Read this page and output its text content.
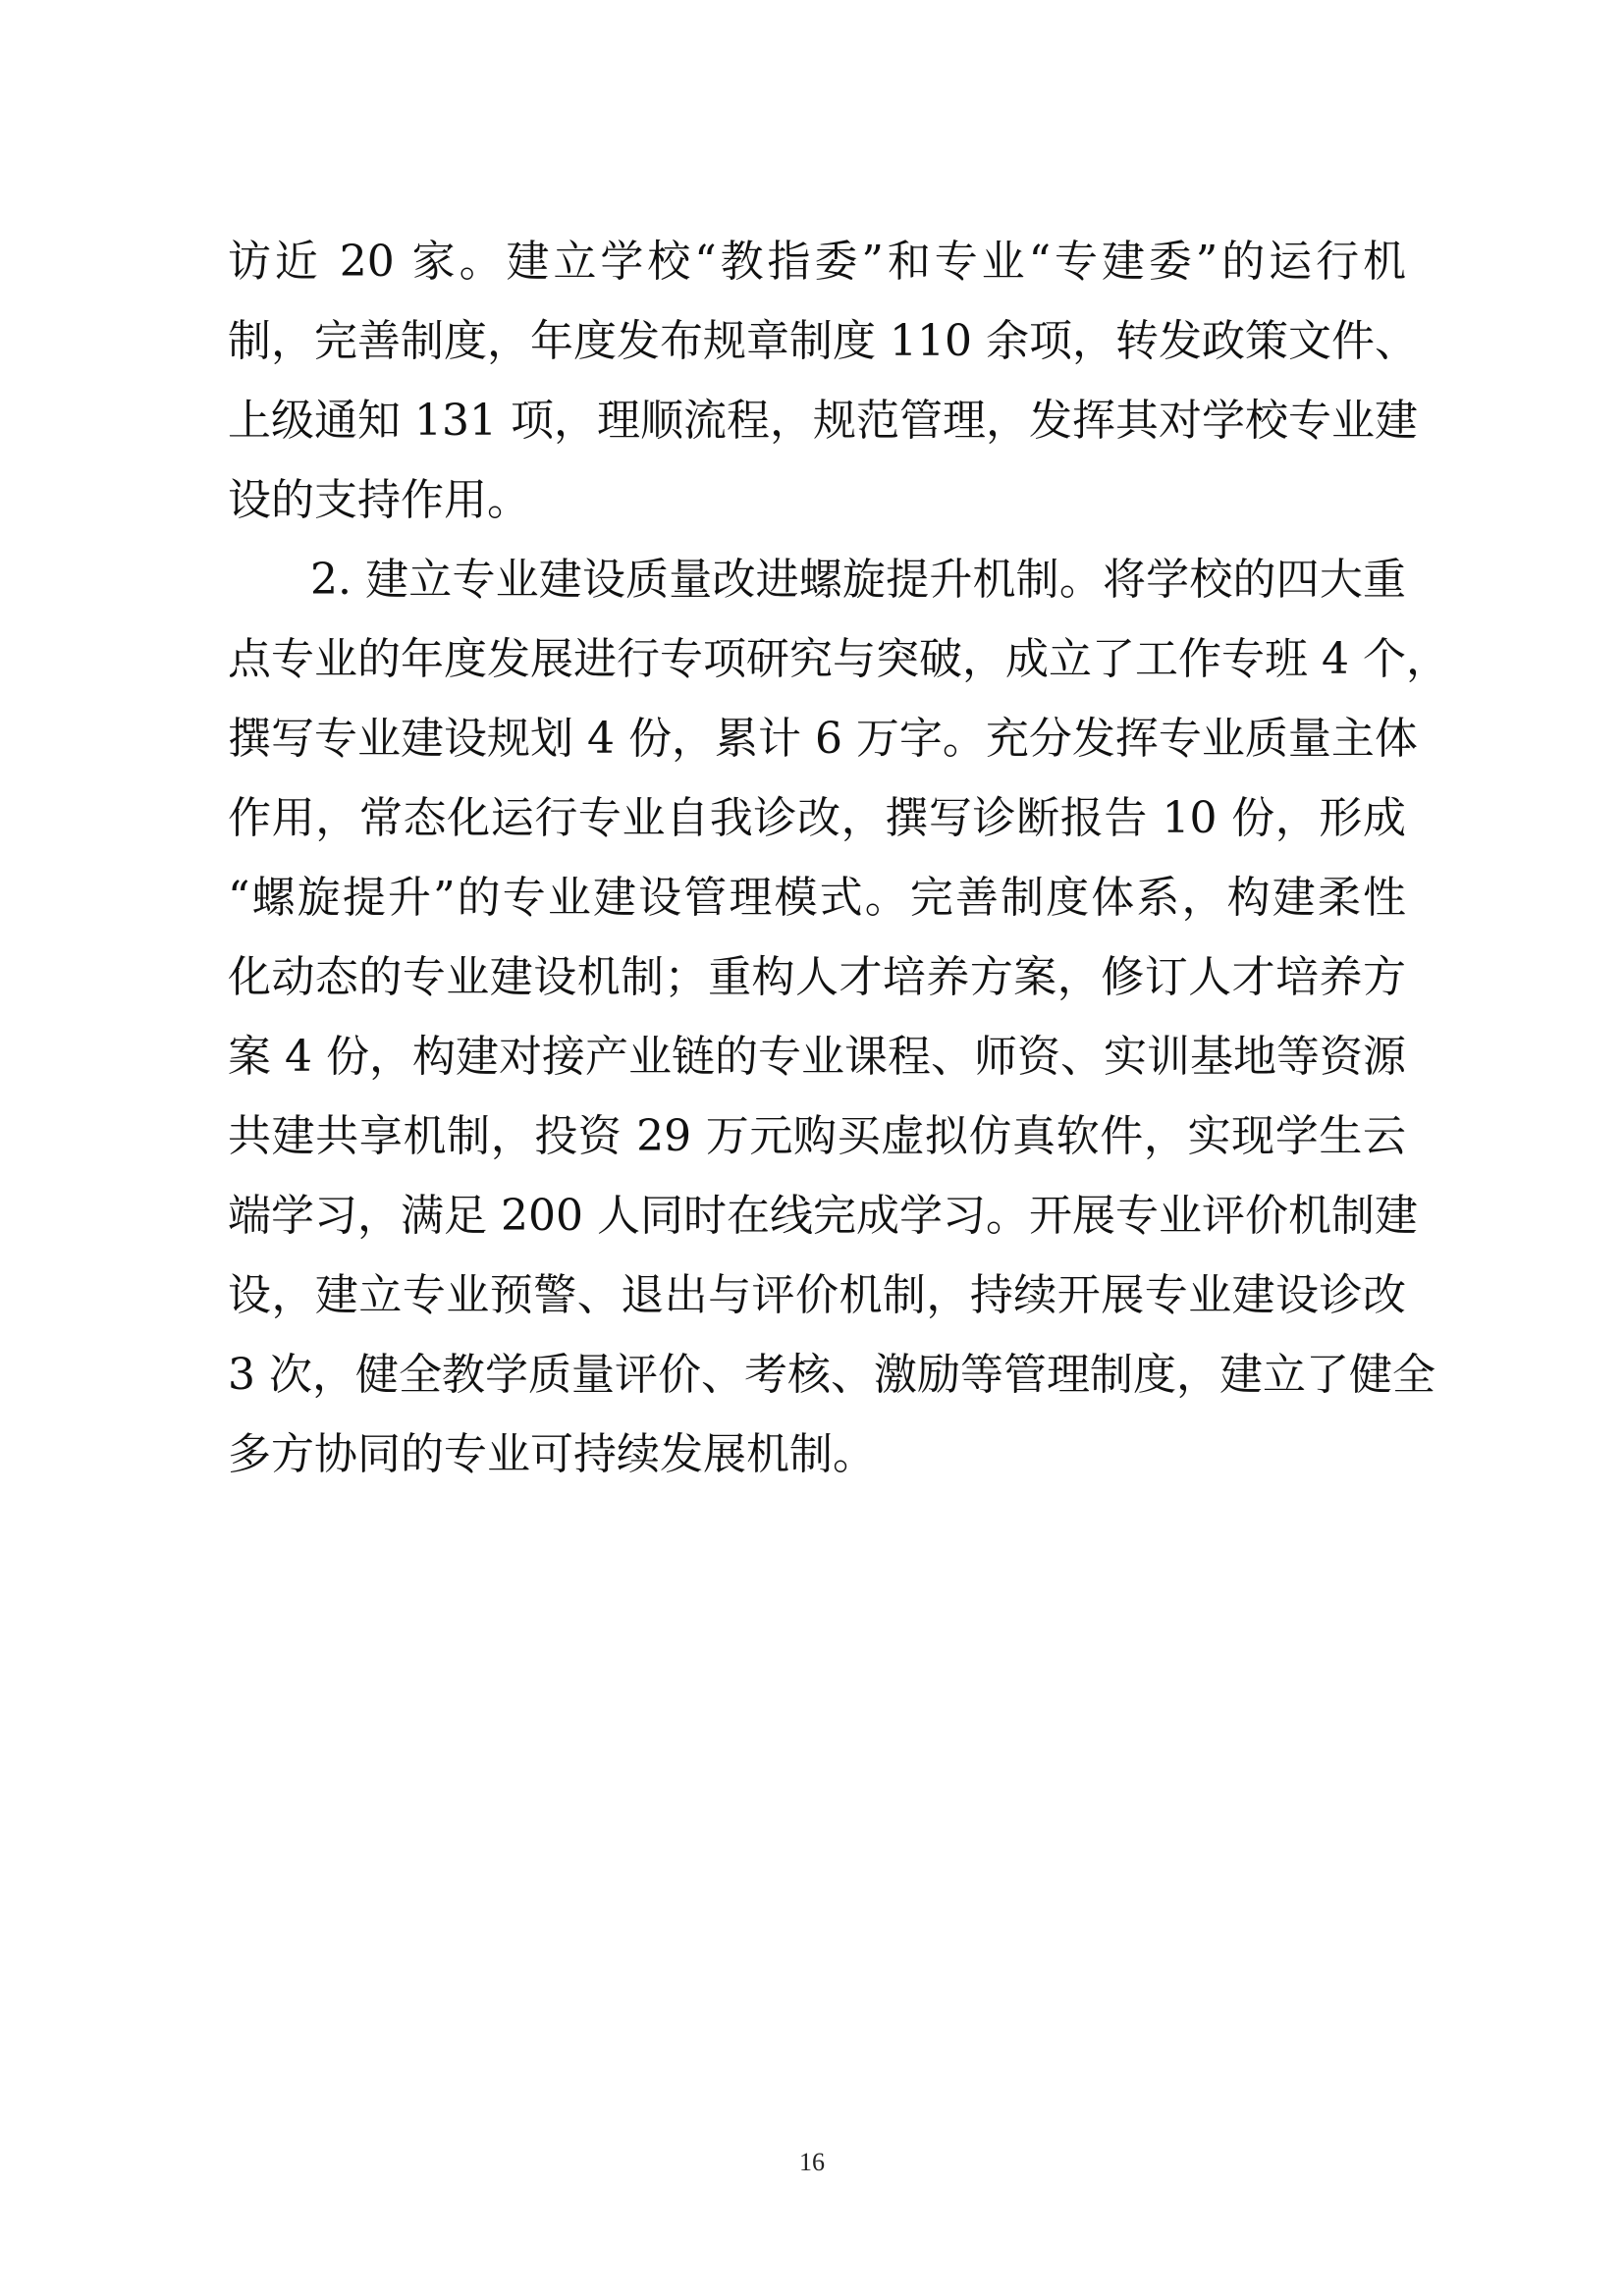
访近 20 家。建立学校“教指委”和专业“专建委”的运行机
制，完善制度，年度发布规章制度 110 余项，转发政策文件、
上级通知 131 项，理顺流程，规范管理，发挥其对学校专业建
设的支持作用。
2. 建立专业建设质量改进螺旋提升机制。将学校的四大重
点专业的年度发展进行专项研究与突破，成立了工作专班 4 个，
撰写专业建设规划 4 份，累计 6 万字。充分发挥专业质量主体
作用，常态化运行专业自我诊改，撰写诊断报告 10 份，形成
“螺旋提升”的专业建设管理模式。完善制度体系，构建柔性
化动态的专业建设机制；重构人才培养方案，修订人才培养方
案 4 份，构建对接产业链的专业课程、师资、实训基地等资源
共建共享机制，投资 29 万元购买虚拟仿真软件，实现学生云
端学习，满足 200 人同时在线完成学习。开展专业评价机制建
设，建立专业预警、退出与评价机制，持续开展专业建设诊改
3 次，健全教学质量评价、考核、激励等管理制度，建立了健全
多方协同的专业可持续发展机制。
16
